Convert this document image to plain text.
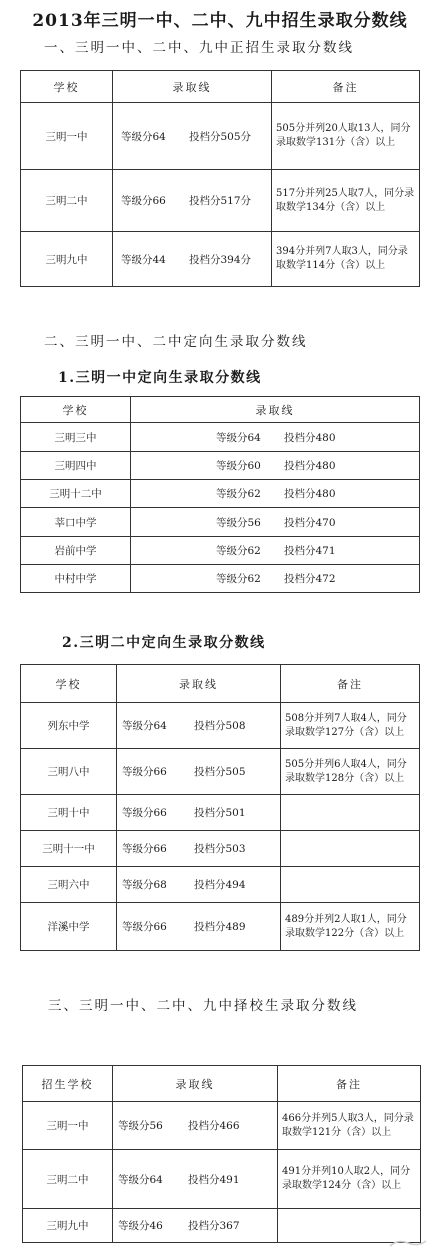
2013年三明一中、二中、九中招生录取分数线
一、三明一中、二中、九中正招生录取分数线
学校	录取线	备注
三明一中	等级分64 投档分505分	505分并列20人取13人，同分录取数学131分（含）以上
三明二中	等级分66 投档分517分	517分并列25人取7人，同分录取数学134分（含）以上
三明九中	等级分44 投档分394分	394分并列7人取3人，同分录取数学114分（含）以上
二、三明一中、二中定向生录取分数线
1.三明一中定向生录取分数线
学校	录取线
三明三中	等级分64 投档分480
三明四中	等级分60 投档分480
三明十二中	等级分62 投档分480
莘口中学	等级分56 投档分470
岩前中学	等级分62 投档分471
中村中学	等级分62 投档分472
2.三明二中定向生录取分数线
学校	录取线	备注
列东中学	等级分64 投档分508	508分并列7人取4人，同分录取数学127分（含）以上
三明八中	等级分66 投档分505	505分并列6人取4人，同分录取数学128分（含）以上
三明十中	等级分66 投档分501	
三明十一中	等级分66 投档分503	
三明六中	等级分68 投档分494	
洋溪中学	等级分66 投档分489	489分并列2人取1人，同分录取数学122分（含）以上
三、三明一中、二中、九中择校生录取分数线
招生学校	录取线	备注
三明一中	等级分56 投档分466	466分并列5人取3人，同分录取数学121分（含）以上
三明二中	等级分64 投档分491	491分并列10人取2人，同分录取数学124分（含）以上
三明九中	等级分46 投档分367	
